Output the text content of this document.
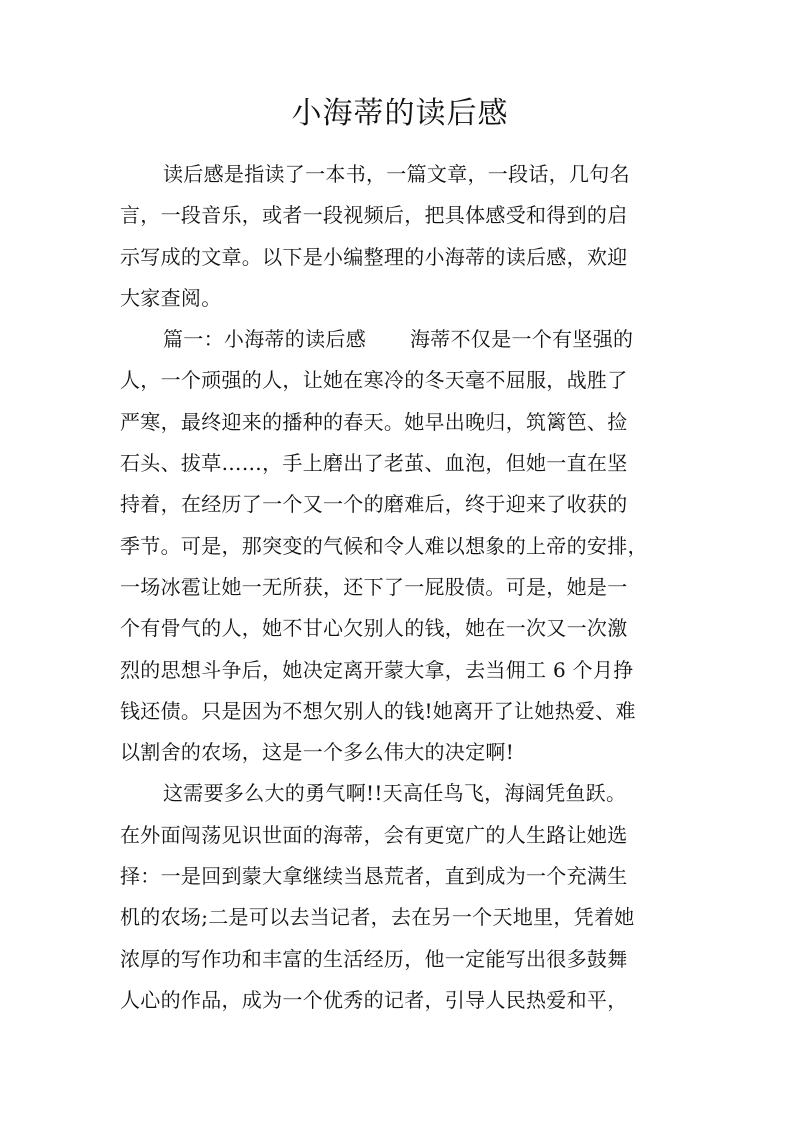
小海蒂的读后感

读后感是指读了一本书，一篇文章，一段话，几句名
言，一段音乐，或者一段视频后，把具体感受和得到的启
示写成的文章。以下是小编整理的小海蒂的读后感，欢迎
大家查阅。

篇一：小海蒂的读后感 海蒂不仅是一个有坚强的
人，一个顽强的人，让她在寒冷的冬天毫不屈服，战胜了
严寒，最终迎来的播种的春天。她早出晚归，筑篱笆、捡
石头、拔草……，手上磨出了老茧、血泡，但她一直在坚
持着，在经历了一个又一个的磨难后，终于迎来了收获的
季节。可是，那突变的气候和令人难以想象的上帝的安排，
一场冰雹让她一无所获，还下了一屁股债。可是，她是一
个有骨气的人，她不甘心欠别人的钱，她在一次又一次激
烈的思想斗争后，她决定离开蒙大拿，去当佣工 6 个月挣
钱还债。只是因为不想欠别人的钱!她离开了让她热爱、难
以割舍的农场，这是一个多么伟大的决定啊!

这需要多么大的勇气啊!!天高任鸟飞，海阔凭鱼跃。
在外面闯荡见识世面的海蒂，会有更宽广的人生路让她选
择：一是回到蒙大拿继续当恳荒者，直到成为一个充满生
机的农场;二是可以去当记者，去在另一个天地里，凭着她
浓厚的写作功和丰富的生活经历，他一定能写出很多鼓舞
人心的作品，成为一个优秀的记者，引导人民热爱和平，
